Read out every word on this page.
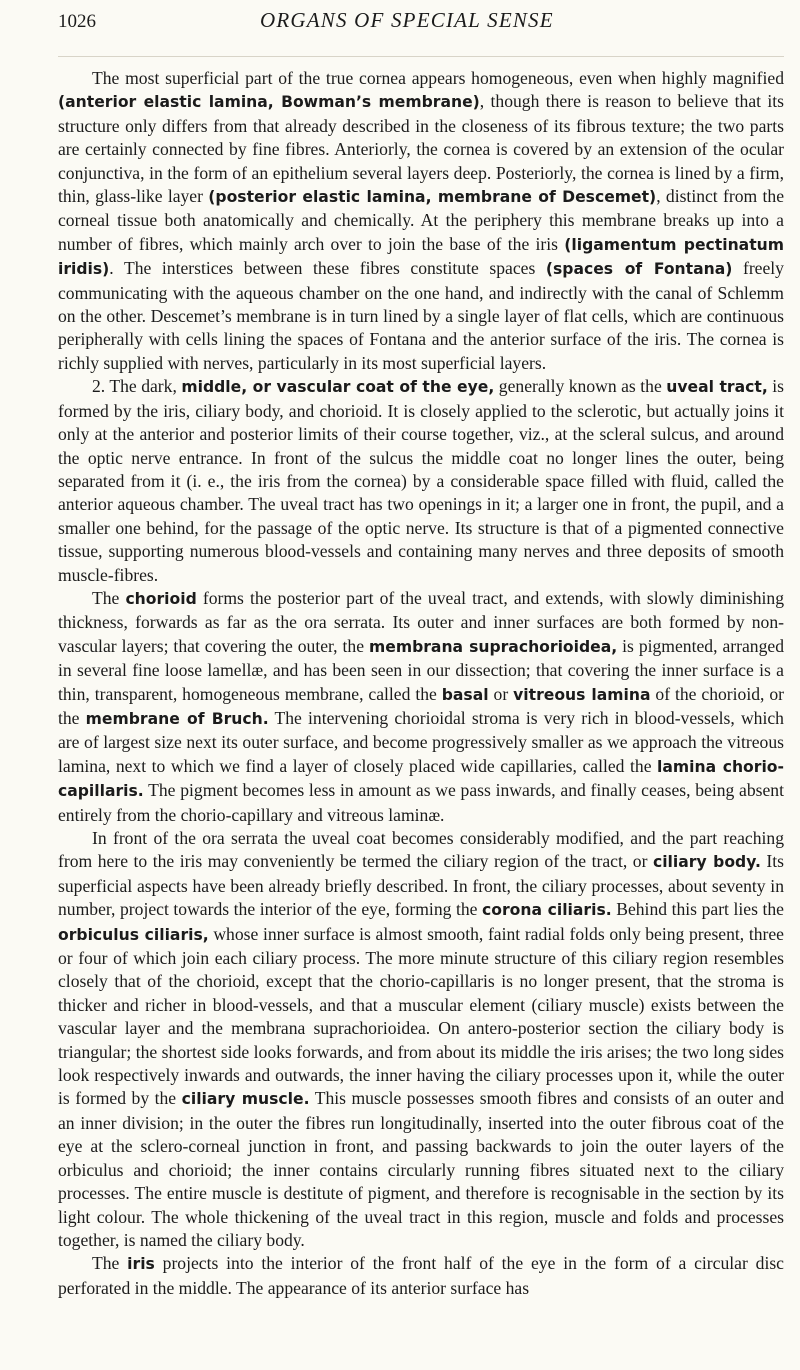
1026	ORGANS OF SPECIAL SENSE

The most superficial part of the true cornea appears homogeneous, even when highly magnified (anterior elastic lamina, Bowman’s membrane), though there is reason to believe that its structure only differs from that already described in the closeness of its fibrous texture; the two parts are certainly connected by fine fibres. Anteriorly, the cornea is covered by an extension of the ocular conjunctiva, in the form of an epithelium several layers deep. Posteriorly, the cornea is lined by a firm, thin, glass-like layer (posterior elastic lamina, membrane of Descemet), distinct from the corneal tissue both anatomically and chemically. At the periphery this membrane breaks up into a number of fibres, which mainly arch over to join the base of the iris (ligamentum pectinatum iridis). The interstices between these fibres constitute spaces (spaces of Fontana) freely communicating with the aqueous chamber on the one hand, and indirectly with the canal of Schlemm on the other. Descemet’s membrane is in turn lined by a single layer of flat cells, which are continuous peripherally with cells lining the spaces of Fontana and the anterior surface of the iris. The cornea is richly supplied with nerves, particularly in its most superficial layers.

2. The dark, middle, or vascular coat of the eye, generally known as the uveal tract, is formed by the iris, ciliary body, and chorioid. It is closely applied to the sclerotic, but actually joins it only at the anterior and posterior limits of their course together, viz., at the scleral sulcus, and around the optic nerve entrance. In front of the sulcus the middle coat no longer lines the outer, being separated from it (i. e., the iris from the cornea) by a considerable space filled with fluid, called the anterior aqueous chamber. The uveal tract has two openings in it; a larger one in front, the pupil, and a smaller one behind, for the passage of the optic nerve. Its structure is that of a pigmented connective tissue, supporting numerous blood-vessels and containing many nerves and three deposits of smooth muscle-fibres.

The chorioid forms the posterior part of the uveal tract, and extends, with slowly diminishing thickness, forwards as far as the ora serrata. Its outer and inner surfaces are both formed by non-vascular layers; that covering the outer, the membrana suprachorioidea, is pigmented, arranged in several fine loose lamellæ, and has been seen in our dissection; that covering the inner surface is a thin, transparent, homogeneous membrane, called the basal or vitreous lamina of the chorioid, or the membrane of Bruch. The intervening chorioidal stroma is very rich in blood-vessels, which are of largest size next its outer surface, and become progressively smaller as we approach the vitreous lamina, next to which we find a layer of closely placed wide capillaries, called the lamina chorio-capillaris. The pigment becomes less in amount as we pass inwards, and finally ceases, being absent entirely from the chorio-capillary and vitreous laminæ.

In front of the ora serrata the uveal coat becomes considerably modified, and the part reaching from here to the iris may conveniently be termed the ciliary region of the tract, or ciliary body. Its superficial aspects have been already briefly described. In front, the ciliary processes, about seventy in number, project towards the interior of the eye, forming the corona ciliaris. Behind this part lies the orbiculus ciliaris, whose inner surface is almost smooth, faint radial folds only being present, three or four of which join each ciliary process. The more minute structure of this ciliary region resembles closely that of the chorioid, except that the chorio-capillaris is no longer present, that the stroma is thicker and richer in blood-vessels, and that a muscular element (ciliary muscle) exists between the vascular layer and the membrana suprachorioidea. On antero-posterior section the ciliary body is triangular; the shortest side looks forwards, and from about its middle the iris arises; the two long sides look respectively inwards and outwards, the inner having the ciliary processes upon it, while the outer is formed by the ciliary muscle. This muscle possesses smooth fibres and consists of an outer and an inner division; in the outer the fibres run longitudinally, inserted into the outer fibrous coat of the eye at the sclero-corneal junction in front, and passing backwards to join the outer layers of the orbiculus and chorioid; the inner contains circularly running fibres situated next to the ciliary processes. The entire muscle is destitute of pigment, and therefore is recognisable in the section by its light colour. The whole thickening of the uveal tract in this region, muscle and folds and processes together, is named the ciliary body.

The iris projects into the interior of the front half of the eye in the form of a circular disc perforated in the middle. The appearance of its anterior surface has
